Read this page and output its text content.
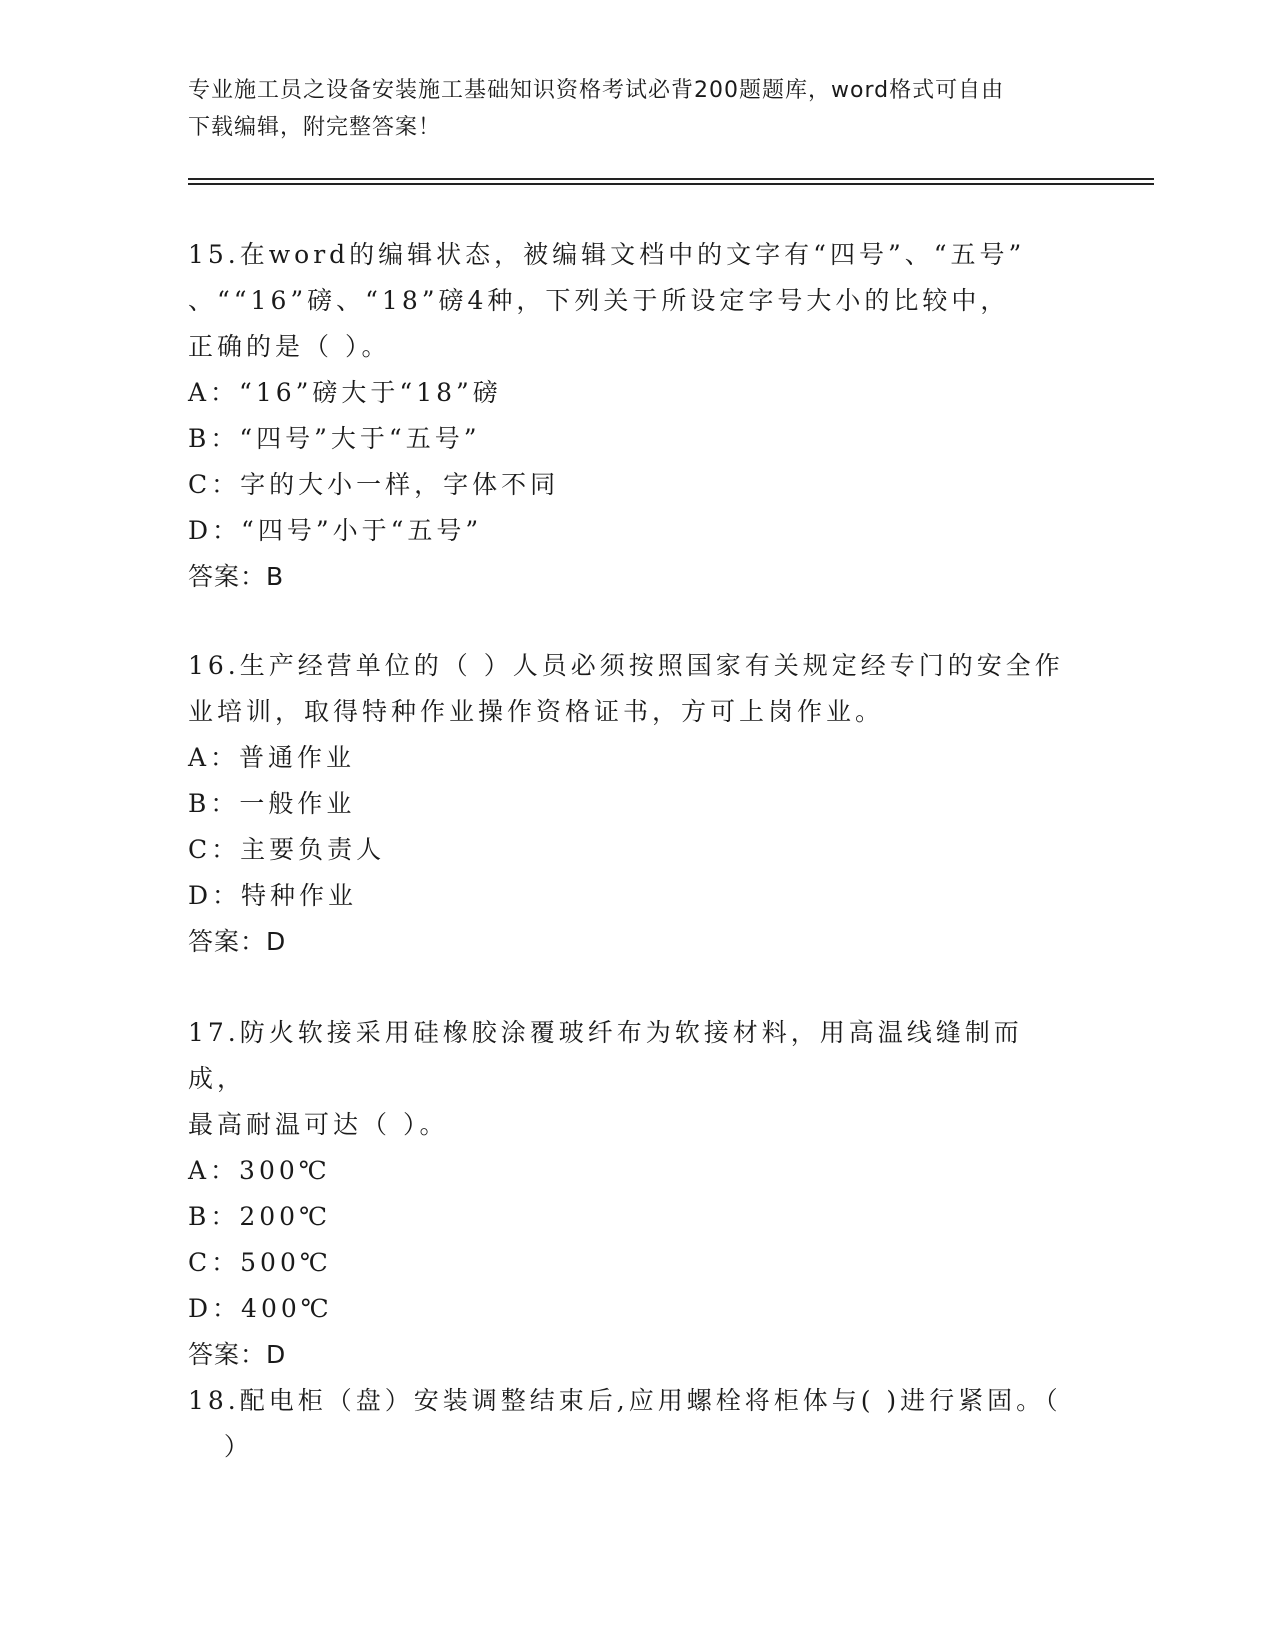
专业施工员之设备安装施工基础知识资格考试必背200题题库，word格式可自由
下载编辑，附完整答案！

15.在word的编辑状态，被编辑文档中的文字有“四号”、“五号”

、““16”磅、“18”磅4种，下列关于所设定字号大小的比较中，

正确的是（ ）。

A：“16”磅大于“18”磅

B：“四号”大于“五号”

C：字的大小一样，字体不同

D：“四号”小于“五号”

答案：B

16.生产经营单位的（ ）人员必须按照国家有关规定经专门的安全作

业培训，取得特种作业操作资格证书，方可上岗作业。

A：普通作业

B：一般作业

C：主要负责人

D：特种作业

答案：D

17.防火软接采用硅橡胶涂覆玻纤布为软接材料，用高温线缝制而成，

最高耐温可达（ ）。

A：300℃

B：200℃

C：500℃

D：400℃

答案：D

18.配电柜（盘）安装调整结束后,应用螺栓将柜体与( )进行紧固。（

）
